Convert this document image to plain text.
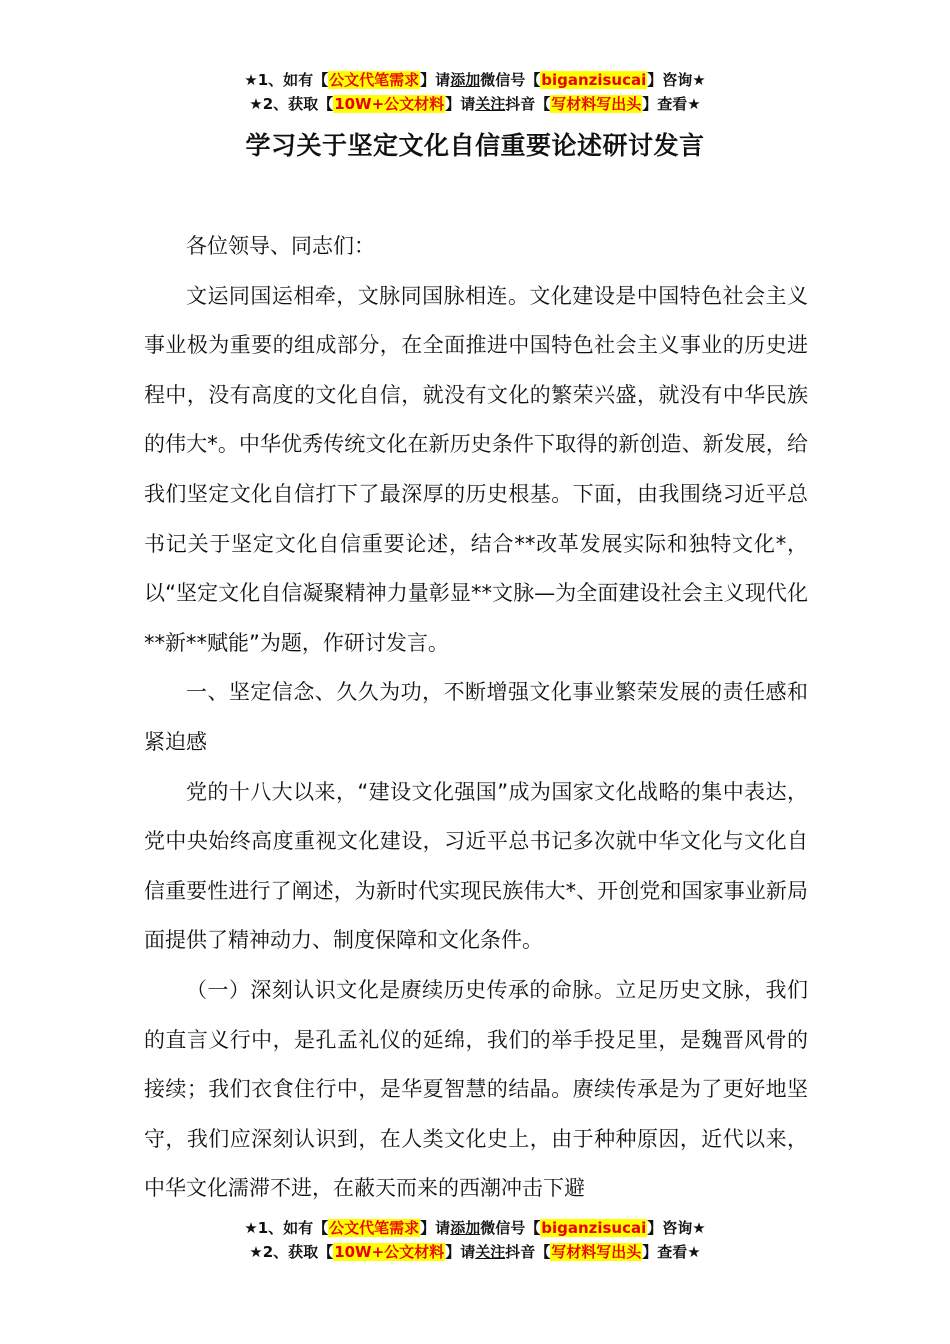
★1、如有【公文代笔需求】请添加微信号【biganzisucai】咨询★
★2、获取【10W+公文材料】请关注抖音【写材料写出头】查看★
学习关于坚定文化自信重要论述研讨发言

各位领导、同志们：

文运同国运相牵，文脉同国脉相连。文化建设是中国特色社会主义事业极为重要的组成部分，在全面推进中国特色社会主义事业的历史进程中，没有高度的文化自信，就没有文化的繁荣兴盛，就没有中华民族的伟大*。中华优秀传统文化在新历史条件下取得的新创造、新发展，给我们坚定文化自信打下了最深厚的历史根基。下面，由我围绕习近平总书记关于坚定文化自信重要论述，结合**改革发展实际和独特文化*，以“坚定文化自信凝聚精神力量彰显**文脉—为全面建设社会主义现代化**新**赋能”为题，作研讨发言。

一、坚定信念、久久为功，不断增强文化事业繁荣发展的责任感和紧迫感

党的十八大以来，“建设文化强国”成为国家文化战略的集中表达，党中央始终高度重视文化建设，习近平总书记多次就中华文化与文化自信重要性进行了阐述，为新时代实现民族伟大*、开创党和国家事业新局面提供了精神动力、制度保障和文化条件。

（一）深刻认识文化是赓续历史传承的命脉。立足历史文脉，我们的直言义行中，是孔孟礼仪的延绵，我们的举手投足里，是魏晋风骨的接续；我们衣食住行中，是华夏智慧的结晶。赓续传承是为了更好地坚守，我们应深刻认识到，在人类文化史上，由于种种原因，近代以来，中华文化濡滞不进，在蔽天而来的西潮冲击下避

★1、如有【公文代笔需求】请添加微信号【biganzisucai】咨询★
★2、获取【10W+公文材料】请关注抖音【写材料写出头】查看★
